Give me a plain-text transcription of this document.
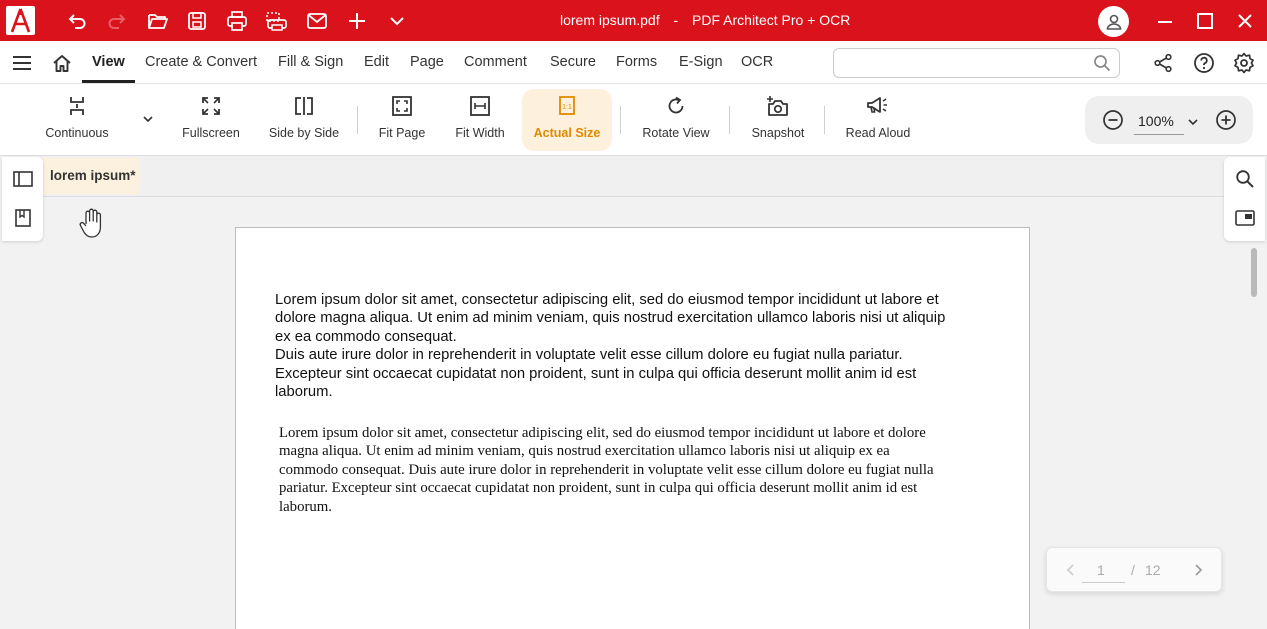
lorem ipsum.pdf - PDF Architect Pro + OCR
View Create & Convert Fill & Sign Edit Page Comment Secure Forms E-Sign OCR
Continuous	Fullscreen Side by Side	Fit Page Fit Width
1:1
Actual Size	Rotate View	Snapshot	Read Aloud
100%
lorem ipsum*
Lorem ipsum dolor sit amet, consectetur adipiscing elit, sed do eiusmod tempor incididunt ut labore et
dolore magna aliqua. Ut enim ad minim veniam, quis nostrud exercitation ullamco laboris nisi ut aliquip
ex ea commodo consequat.
Duis aute irure dolor in reprehenderit in voluptate velit esse cillum dolore eu fugiat nulla pariatur.
Excepteur sint occaecat cupidatat non proident, sunt in culpa qui officia deserunt mollit anim id est
laborum.
Lorem ipsum dolor sit amet, consectetur adipiscing elit, sed do eiusmod tempor incididunt ut labore et dolore
magna aliqua. Ut enim ad minim veniam, quis nostrud exercitation ullamco laboris nisi ut aliquip ex ea
commodo consequat. Duis aute irure dolor in reprehenderit in voluptate velit esse cillum dolore eu fugiat nulla
pariatur. Excepteur sint occaecat cupidatat non proident, sunt in culpa qui officia deserunt mollit anim id est
laborum.
1 / 12
